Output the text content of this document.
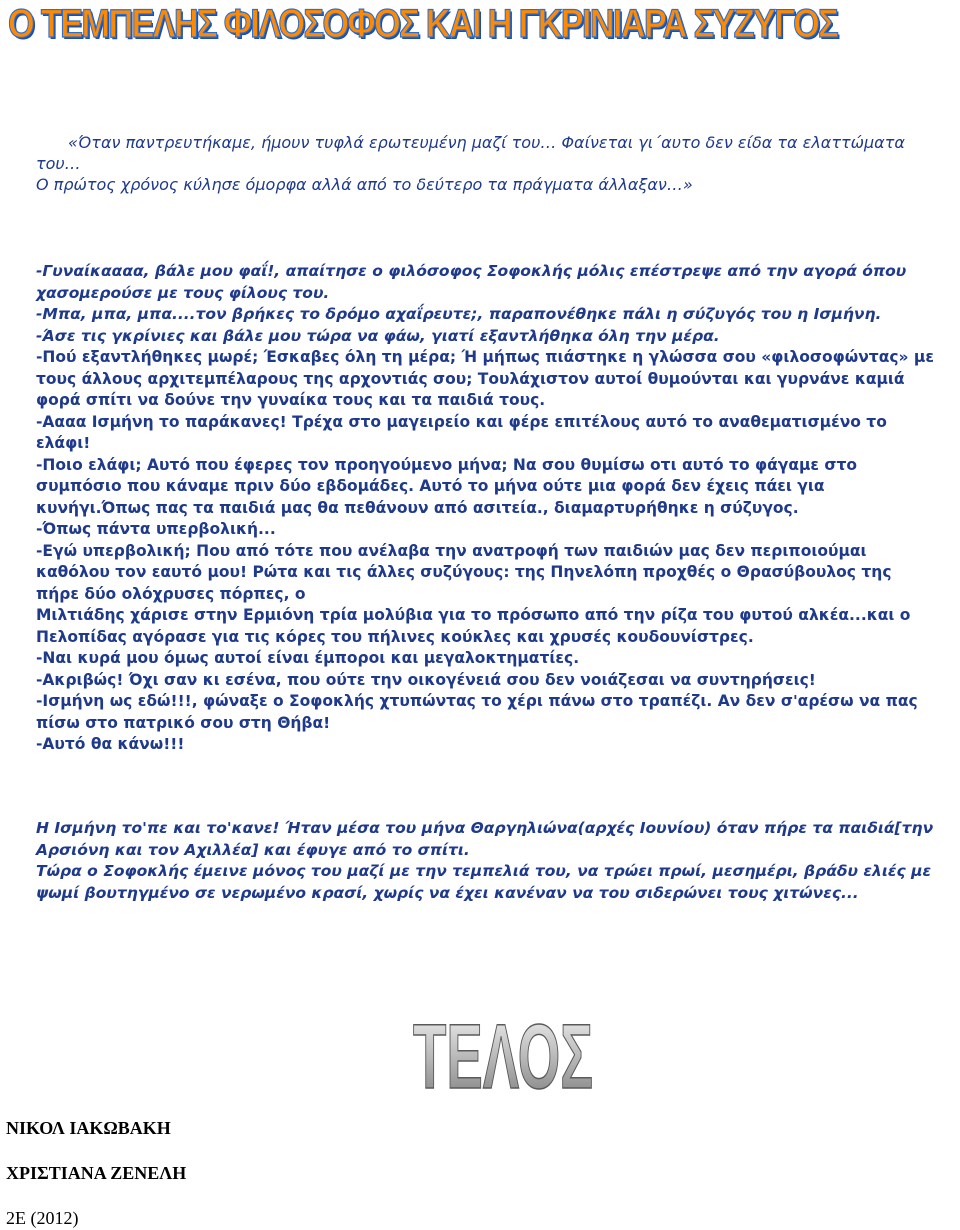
Ο ΤΕΜΠΕΛΗΣ ΦΙΛΟΣΟΦΟΣ ΚΑΙ Η ΓΚΡΙΝΙΑΡΑ ΣΥΖΥΓΟΣ

«Όταν παντρευτήκαμε, ήμουν τυφλά ερωτευμένη μαζί του… Φαίνεται γι΄αυτο δεν είδα τα ελαττώματα του…

Ο πρώτος χρόνος κύλησε όμορφα αλλά από το δεύτερο τα πράγματα άλλαξαν…»

-Γυναίκαααα, βάλε μου φαΐ!, απαίτησε ο φιλόσοφος Σοφοκλής μόλις επέστρεψε από την αγορά όπου χασομερούσε με τους φίλους του.

-Μπα, μπα, μπα....τον βρήκες το δρόμο αχαΐρευτε;, παραπονέθηκε πάλι η σύζυγός του η Ισμήνη.

-Άσε τις γκρίνιες και βάλε μου τώρα να φάω, γιατί εξαντλήθηκα όλη την μέρα.

-Πού εξαντλήθηκες μωρέ; Έσκαβες όλη τη μέρα; Ή μήπως πιάστηκε η γλώσσα σου «φιλοσοφώντας» με τους άλλους αρχιτεμπέλαρους της αρχοντιάς σου; Τουλάχιστον αυτοί θυμούνται και γυρνάνε καμιά φορά σπίτι να δούνε την γυναίκα τους και τα παιδιά τους.

-Αααα Ισμήνη το παράκανες! Τρέχα στο μαγειρείο και φέρε επιτέλους αυτό το αναθεματισμένο το ελάφι!

-Ποιο ελάφι; Αυτό που έφερες τον προηγούμενο μήνα; Να σου θυμίσω οτι αυτό το φάγαμε στο συμπόσιο που κάναμε πριν δύο εβδομάδες. Αυτό το μήνα ούτε μια φορά δεν έχεις πάει για κυνήγι.Όπως πας τα παιδιά μας θα πεθάνουν από ασιτεία., διαμαρτυρήθηκε η σύζυγος.

-Όπως πάντα υπερβολική...

-Εγώ υπερβολική; Που από τότε που ανέλαβα την ανατροφή των παιδιών μας δεν περιποιούμαι καθόλου τον εαυτό μου! Ρώτα και τις άλλες συζύγους: της Πηνελόπη προχθές ο Θρασύβουλος της πήρε δύο ολόχρυσες πόρπες, ο

Μιλτιάδης χάρισε στην Ερμιόνη τρία μολύβια για το πρόσωπο από την ρίζα του φυτού αλκέα...και ο Πελοπίδας αγόρασε για τις κόρες του πήλινες κούκλες και χρυσές κουδουνίστρες.

-Ναι κυρά μου όμως αυτοί είναι έμποροι και μεγαλοκτηματίες.

-Ακριβώς! Όχι σαν κι εσένα, που ούτε την οικογένειά σου δεν νοιάζεσαι να συντηρήσεις!

-Ισμήνη ως εδώ!!!, φώναξε ο Σοφοκλής χτυπώντας το χέρι πάνω στο τραπέζι. Αν δεν σ'αρέσω να πας πίσω στο πατρικό σου στη Θήβα!

-Αυτό θα κάνω!!!

Η Ισμήνη το'πε και το'κανε! Ήταν μέσα του μήνα Θαργηλιώνα(αρχές Ιουνίου) όταν πήρε τα παιδιά[την Αρσιόνη και τον Αχιλλέα] και έφυγε από το σπίτι.

Τώρα ο Σοφοκλής έμεινε μόνος του μαζί με την τεμπελιά του, να τρώει πρωί, μεσημέρι, βράδυ ελιές με ψωμί βουτηγμένο σε νερωμένο κρασί, χωρίς να έχει κανέναν να του σιδερώνει τους χιτώνες...

ΤΕΛΟΣ

ΝΙΚΟΛ ΙΑΚΩΒΑΚΗ

ΧΡΙΣΤΙΑΝΑ ΖΕΝΕΛΗ

2Ε (2012)
